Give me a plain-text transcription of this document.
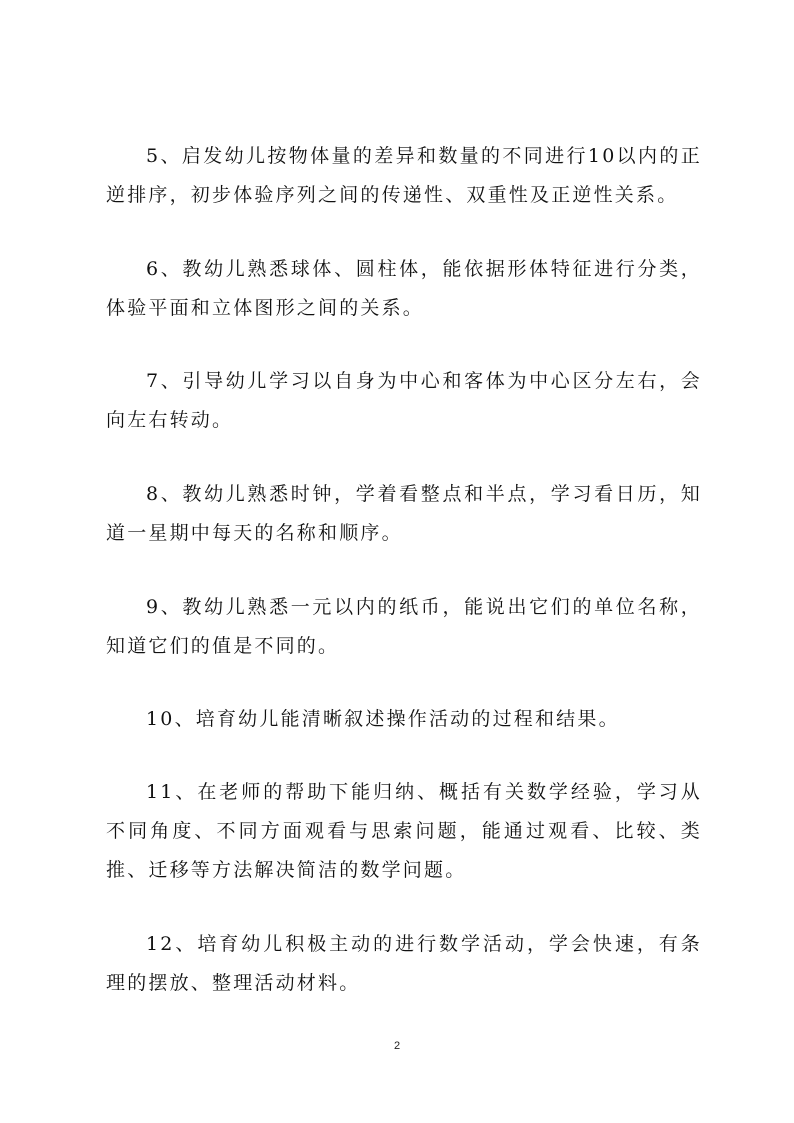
5、启发幼儿按物体量的差异和数量的不同进行10以内的正逆排序，初步体验序列之间的传递性、双重性及正逆性关系。

6、教幼儿熟悉球体、圆柱体，能依据形体特征进行分类，体验平面和立体图形之间的关系。

7、引导幼儿学习以自身为中心和客体为中心区分左右，会向左右转动。

8、教幼儿熟悉时钟，学着看整点和半点，学习看日历，知道一星期中每天的名称和顺序。

9、教幼儿熟悉一元以内的纸币，能说出它们的单位名称，知道它们的值是不同的。

10、培育幼儿能清晰叙述操作活动的过程和结果。

11、在老师的帮助下能归纳、概括有关数学经验，学习从不同角度、不同方面观看与思索问题，能通过观看、比较、类推、迁移等方法解决简洁的数学问题。

12、培育幼儿积极主动的进行数学活动，学会快速，有条理的摆放、整理活动材料。

2
